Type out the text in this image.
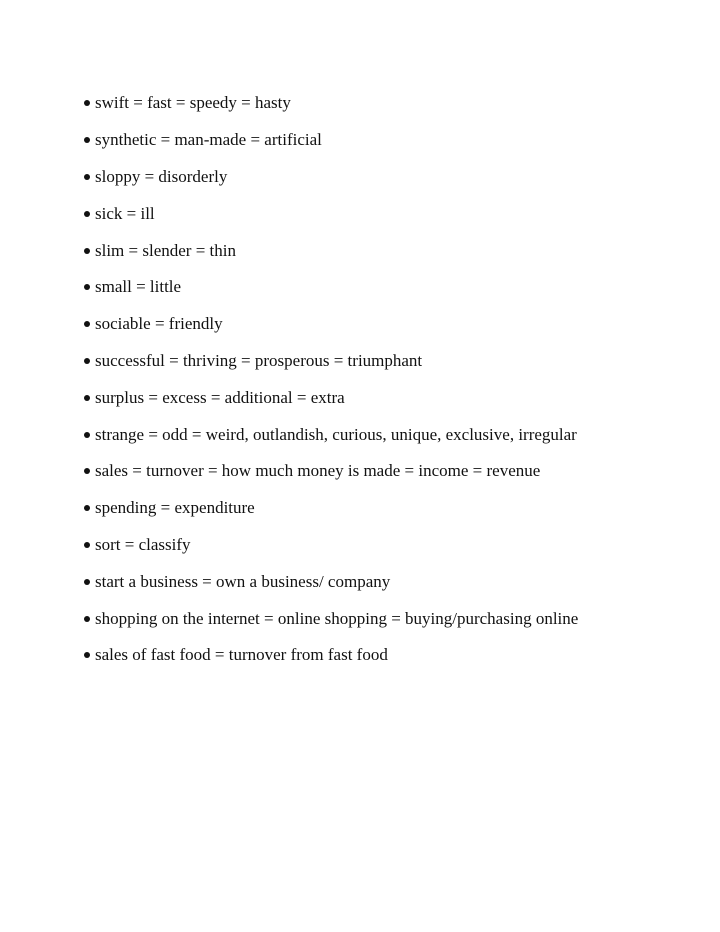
swift = fast = speedy = hasty
synthetic = man-made = artificial
sloppy = disorderly
sick = ill
slim = slender = thin
small = little
sociable = friendly
successful = thriving = prosperous = triumphant
surplus = excess = additional = extra
strange = odd = weird, outlandish, curious, unique, exclusive, irregular
sales = turnover = how much money is made = income = revenue
spending = expenditure
sort = classify
start a business = own a business/ company
shopping on the internet = online shopping = buying/purchasing online
sales of fast food = turnover from fast food
